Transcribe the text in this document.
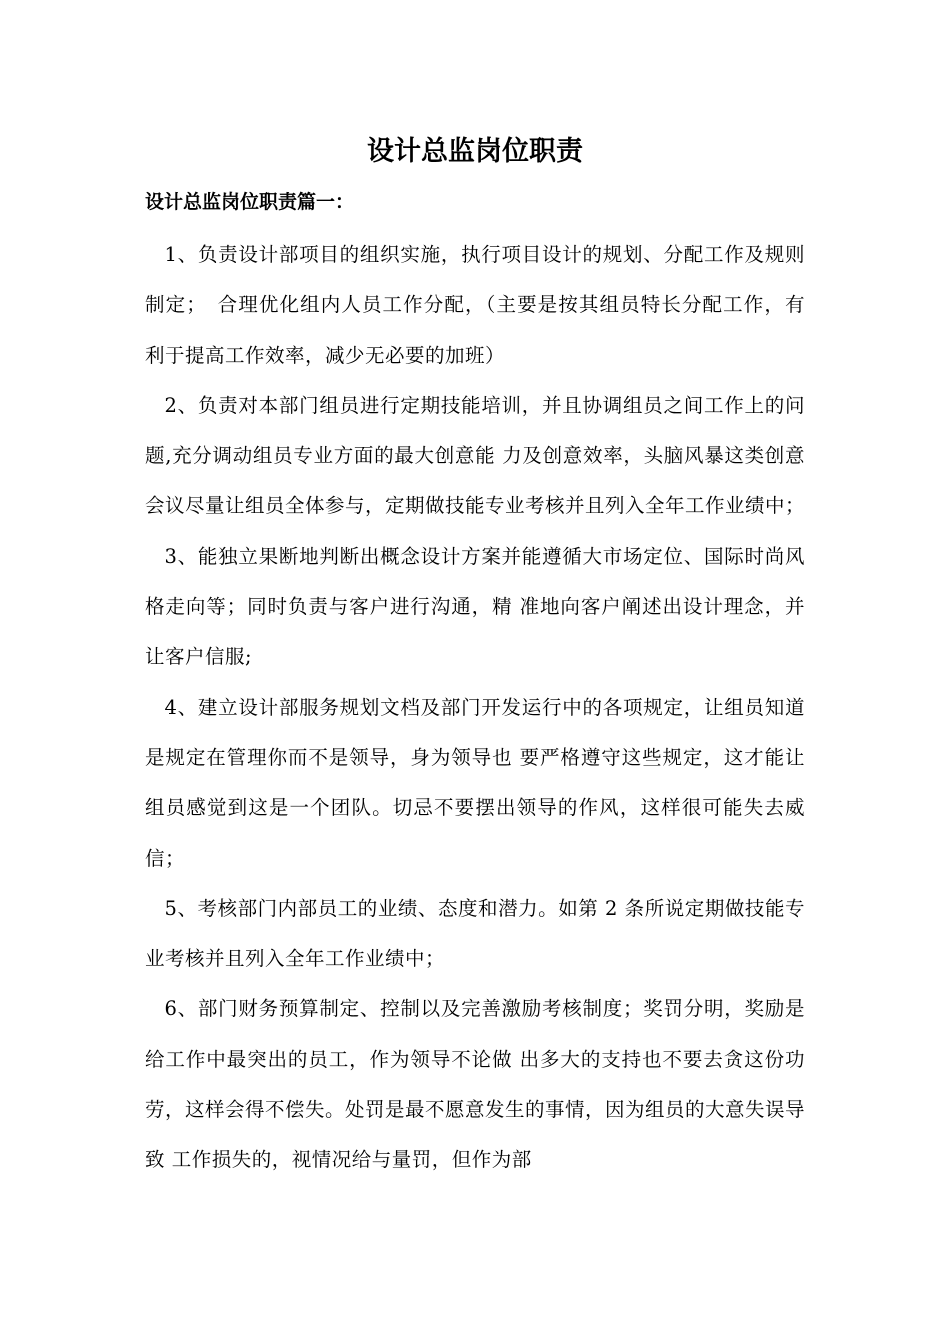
设计总监岗位职责
设计总监岗位职责篇一：

1、负责设计部项目的组织实施，执行项目设计的规划、分配工作及规则制定；　合理优化组内人员工作分配，（主要是按其组员特长分配工作，有利于提高工作效率，减少无必要的加班）

2、负责对本部门组员进行定期技能培训，并且协调组员之间工作上的问题,充分调动组员专业方面的最大创意能 力及创意效率，头脑风暴这类创意会议尽量让组员全体参与，定期做技能专业考核并且列入全年工作业绩中；

3、能独立果断地判断出概念设计方案并能遵循大市场定位、国际时尚风格走向等；同时负责与客户进行沟通，精 准地向客户阐述出设计理念，并让客户信服;

4、建立设计部服务规划文档及部门开发运行中的各项规定，让组员知道是规定在管理你而不是领导，身为领导也 要严格遵守这些规定，这才能让组员感觉到这是一个团队。切忌不要摆出领导的作风，这样很可能失去威信；

5、考核部门内部员工的业绩、态度和潜力。如第 2 条所说定期做技能专业考核并且列入全年工作业绩中；

6、部门财务预算制定、控制以及完善激励考核制度；奖罚分明，奖励是给工作中最突出的员工，作为领导不论做 出多大的支持也不要去贪这份功劳，这样会得不偿失。处罚是最不愿意发生的事情，因为组员的大意失误导致 工作损失的，视情况给与量罚，但作为部
